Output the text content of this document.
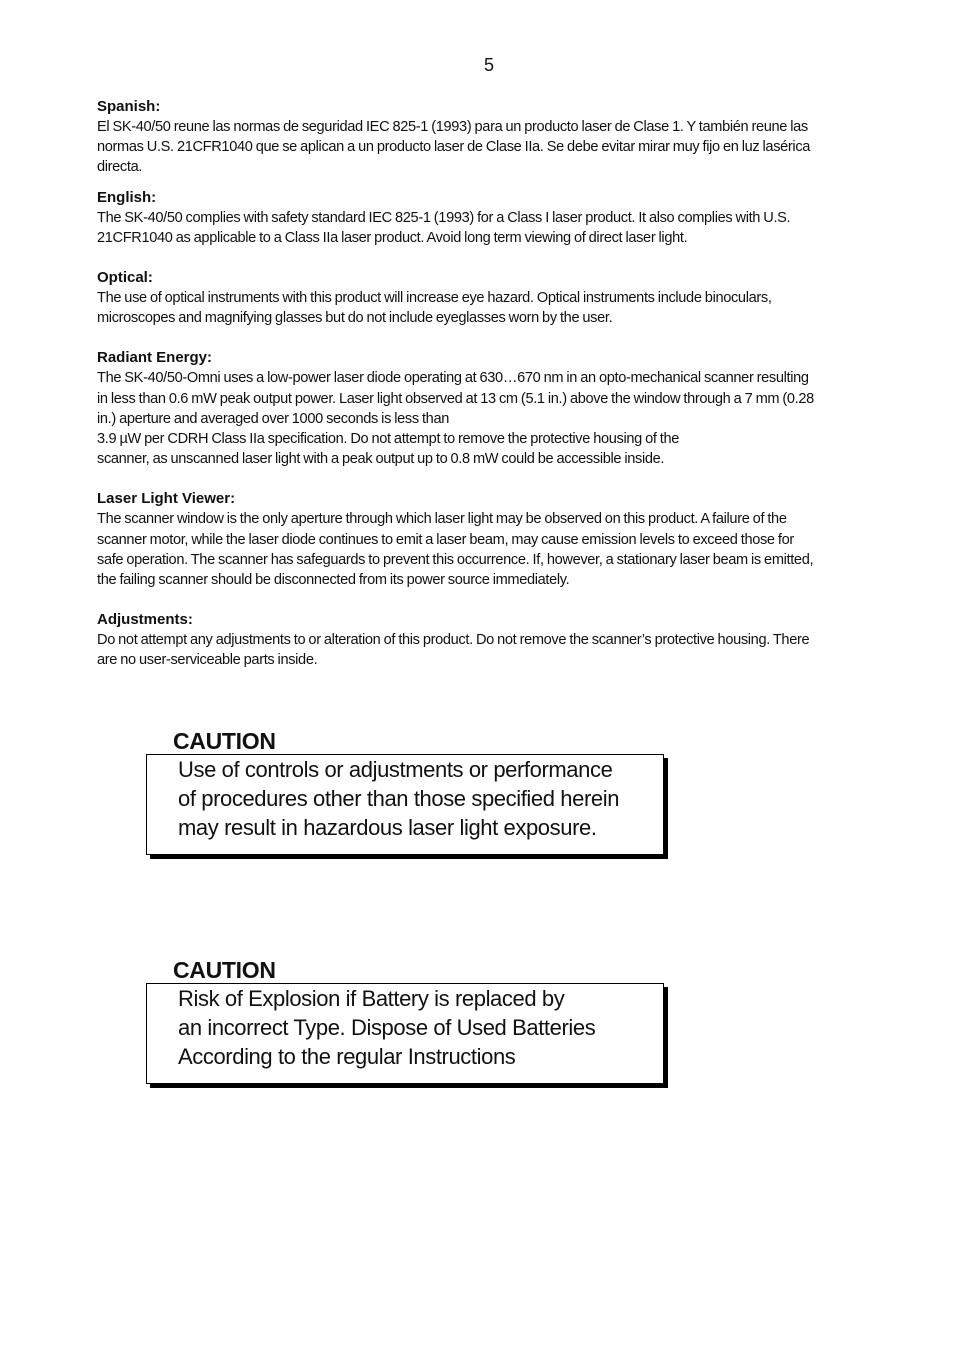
5

Spanish:

El SK-40/50 reune las normas de seguridad IEC 825-1 (1993) para un producto laser de Clase 1. Y también reune las
normas U.S. 21CFR1040 que se aplican a un producto laser de Clase IIa. Se debe evitar mirar muy fijo en luz lasérica
directa.

English:

The SK-40/50 complies with safety standard IEC 825-1 (1993) for a Class I laser product. It also complies with U.S.
21CFR1040 as applicable to a Class IIa laser product. Avoid long term viewing of direct laser light.

Optical:

The use of optical instruments with this product will increase eye hazard. Optical instruments include binoculars,
microscopes and magnifying glasses but do not include eyeglasses worn by the user.

Radiant Energy:

The SK-40/50-Omni uses a low-power laser diode operating at 630…670 nm in an opto-mechanical scanner resulting
in less than 0.6 mW peak output power. Laser light observed at 13 cm (5.1 in.) above the window through a 7 mm (0.28
in.) aperture and averaged over 1000 seconds is less than
3.9 µW per CDRH Class IIa specification. Do not attempt to remove the protective housing of the
scanner, as unscanned laser light with a peak output up to 0.8 mW could be accessible inside.

Laser Light Viewer:

The scanner window is the only aperture through which laser light may be observed on this product. A failure of the
scanner motor, while the laser diode continues to emit a laser beam, may cause emission levels to exceed those for
safe operation. The scanner has safeguards to prevent this occurrence. If, however, a stationary laser beam is emitted,
the failing scanner should be disconnected from its power source immediately.

Adjustments:

Do not attempt any adjustments to or alteration of this product. Do not remove the scanner’s protective housing. There
are no user-serviceable parts inside.

CAUTION
Use of controls or adjustments or performance
of procedures other than those specified herein
may result in hazardous laser light exposure.
CAUTION
Risk of Explosion if Battery is replaced by
an incorrect Type. Dispose of Used Batteries
According to the regular Instructions
